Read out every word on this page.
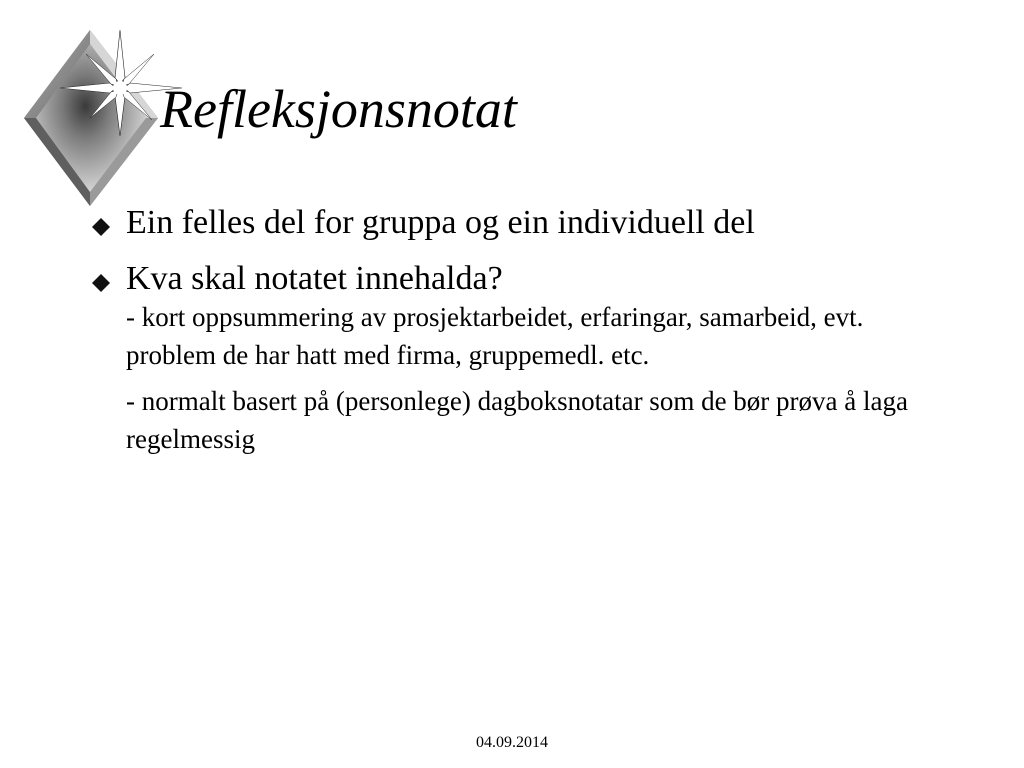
Refleksjonsnotat
Ein felles del for gruppa og ein individuell del
Kva skal notatet innehalda?
- kort oppsummering av prosjektarbeidet, erfaringar, samarbeid, evt. problem de har hatt med firma, gruppemedl. etc.
- normalt basert på (personlege) dagboksnotatar som de bør prøva å laga regelmessig
04.09.2014
